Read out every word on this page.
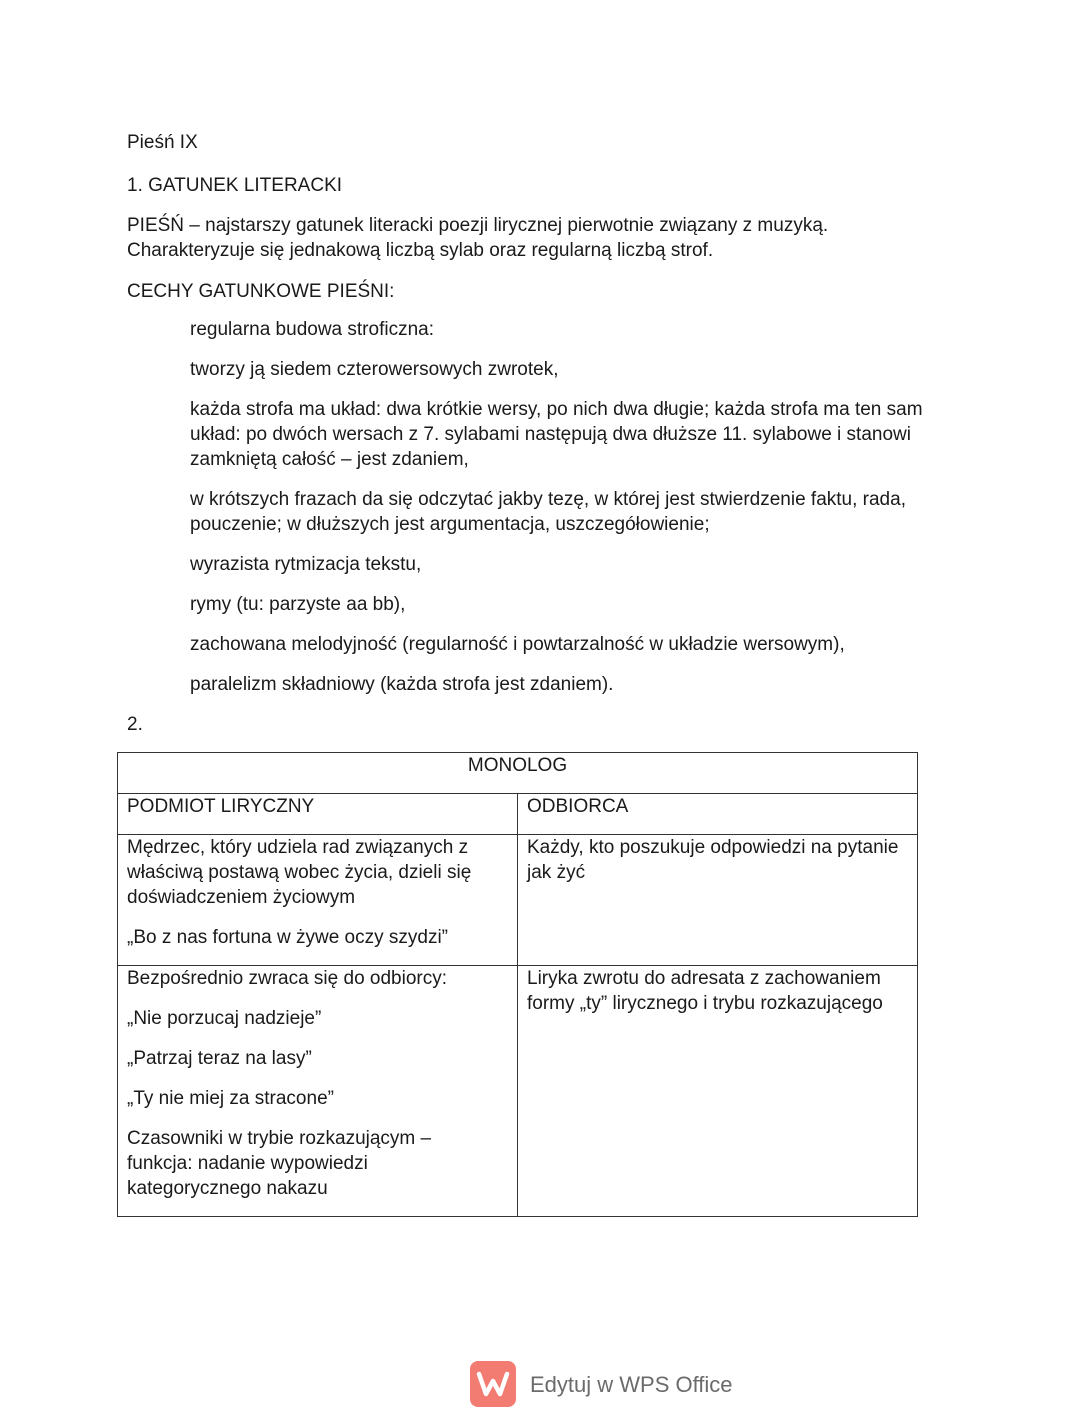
Pieśń IX

1. GATUNEK LITERACKI

PIEŚŃ – najstarszy gatunek literacki poezji lirycznej pierwotnie związany z muzyką.

Charakteryzuje się jednakową liczbą sylab oraz regularną liczbą strof.

CECHY GATUNKOWE PIEŚNI:

regularna budowa stroficzna:

tworzy ją siedem czterowersowych zwrotek,

każda strofa ma układ: dwa krótkie wersy, po nich dwa długie; każda strofa ma ten sam

układ: po dwóch wersach z 7. sylabami następują dwa dłuższe 11. sylabowe i stanowi

zamkniętą całość – jest zdaniem,

w krótszych frazach da się odczytać jakby tezę, w której jest stwierdzenie faktu, rada,

pouczenie; w dłuższych jest argumentacja, uszczegółowienie;

wyrazista rytmizacja tekstu,

rymy (tu: parzyste aa bb),

zachowana melodyjność (regularność i powtarzalność w układzie wersowym),

paralelizm składniowy (każda strofa jest zdaniem).

2.

MONOLOG	

PODMIOT LIRYCZNY	ODBIORCA

Mędrzec, który udziela rad związanych z właściwą postawą wobec życia, dzieli się doświadczeniem życiowym

„Bo z nas fortuna w żywe oczy szydzi”	Każdy, kto poszukuje odpowiedzi na pytanie jak żyć

Bezpośrednio zwraca się do odbiorcy:

„Nie porzucaj nadzieje”

„Patrzaj teraz na lasy”

„Ty nie miej za stracone”

Czasowniki w trybie rozkazującym – funkcja: nadanie wypowiedzi kategorycznego nakazu	Liryka zwrotu do adresata z zachowaniem formy „ty” lirycznego i trybu rozkazującego

Edytuj w WPS Office
